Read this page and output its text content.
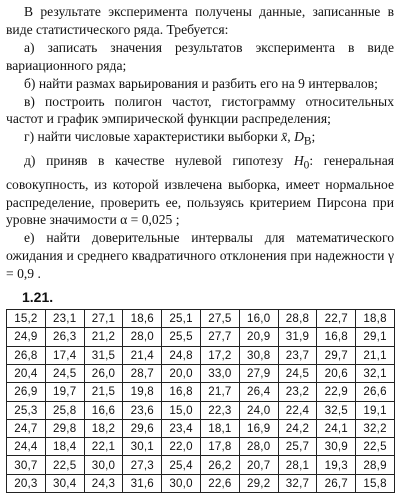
В результате эксперимента получены данные, записанные в виде статистического ряда. Требуется:

а) записать значения результатов эксперимента в виде вариационного ряда;

б) найти размах варьирования и разбить его на 9 интервалов;

в) построить полигон частот, гистограмму относительных частот и график эмпирической функции распределения;

г) найти числовые характеристики выборки x̄, $D_В$;

д) приняв в качестве нулевой гипотезу $H_0$: генеральная совокупность, из которой извлечена выборка, имеет нормальное распределение, проверить ее, пользуясь критерием Пирсона при уровне значимости α = 0,025 ;

е) найти доверительные интервалы для математического ожидания и среднего квадратичного отклонения при надежности γ = 0,9 .

1.21.
15,2	23,1	27,1	18,6	25,1	27,5	16,0	28,8	22,7	18,8
24,9	26,3	21,2	28,0	25,5	27,7	20,9	31,9	16,8	29,1
26,8	17,4	31,5	21,4	24,8	17,2	30,8	23,7	29,7	21,1
20,4	24,5	26,0	28,7	20,0	33,0	27,9	24,5	20,6	32,1
26,9	19,7	21,5	19,8	16,8	21,7	26,4	23,2	22,9	26,6
25,3	25,8	16,6	23,6	15,0	22,3	24,0	22,4	32,5	19,1
24,7	29,8	18,2	29,6	23,4	18,1	16,9	24,2	24,1	32,2
24,4	18,4	22,1	30,1	22,0	17,8	28,0	25,7	30,9	22,5
30,7	22,5	30,0	27,3	25,4	26,2	20,7	28,1	19,3	28,9
20,3	30,4	24,3	31,6	30,0	22,6	29,2	32,7	26,7	15,8
